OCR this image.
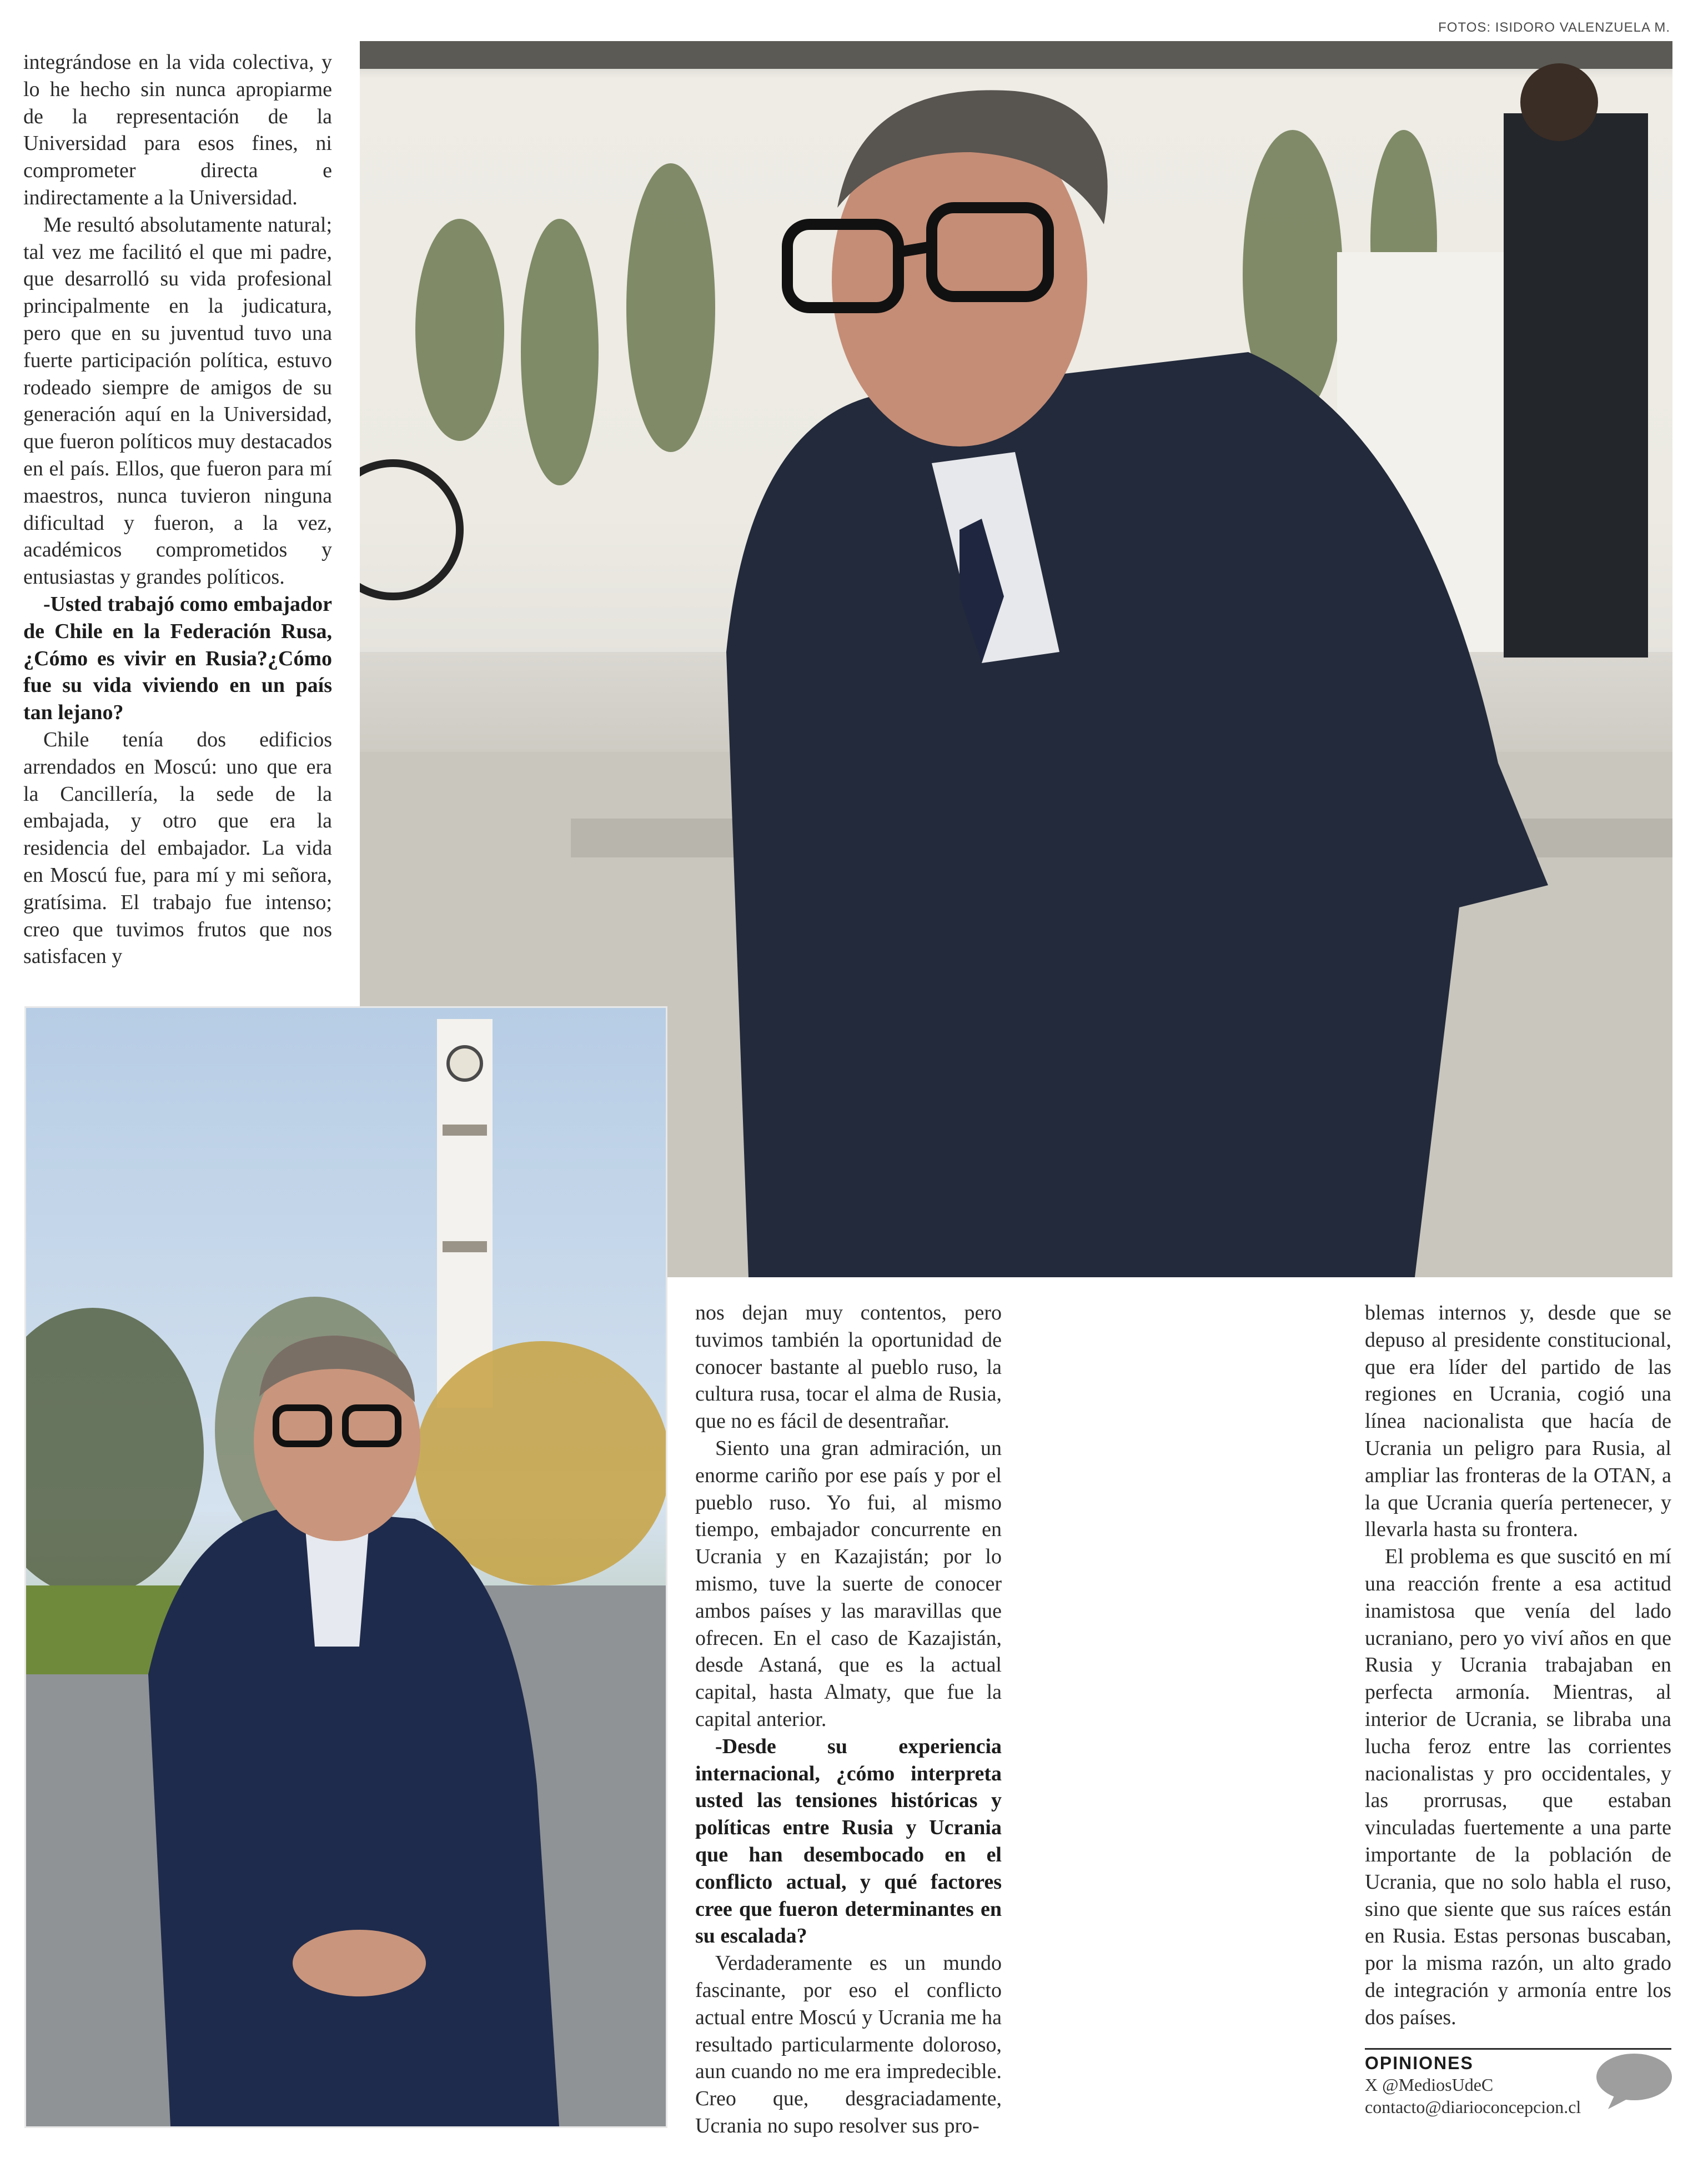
FOTOS: ISIDORO VALENZUELA M.

integrándose en la vida colectiva, y lo he hecho sin nunca apropiarme de la representación de la Universidad para esos fines, ni comprometer directa e indirectamente a la Universidad.

Me resultó absolutamente natural; tal vez me facilitó el que mi padre, que desarrolló su vida profesional principalmente en la judicatura, pero que en su juventud tuvo una fuerte participación política, estuvo rodeado siempre de amigos de su generación aquí en la Universidad, que fueron políticos muy destacados en el país. Ellos, que fueron para mí maestros, nunca tuvieron ninguna dificultad y fueron, a la vez, académicos comprometidos y entusiastas y grandes políticos.

-Usted trabajó como embajador de Chile en la Federación Rusa, ¿Cómo es vivir en Rusia?¿Cómo fue su vida viviendo en un país tan lejano?

Chile tenía dos edificios arrendados en Moscú: uno que era la Cancillería, la sede de la embajada, y otro que era la residencia del embajador. La vida en Moscú fue, para mí y mi señora, gratísima. El trabajo fue intenso; creo que tuvimos frutos que nos satisfacen y

nos dejan muy contentos, pero tuvimos también la oportunidad de conocer bastante al pueblo ruso, la cultura rusa, tocar el alma de Rusia, que no es fácil de desentrañar.

Siento una gran admiración, un enorme cariño por ese país y por el pueblo ruso. Yo fui, al mismo tiempo, embajador concurrente en Ucrania y en Kazajistán; por lo mismo, tuve la suerte de conocer ambos países y las maravillas que ofrecen. En el caso de Kazajistán, desde Astaná, que es la actual capital, hasta Almaty, que fue la capital anterior.

-Desde su experiencia internacional, ¿cómo interpreta usted las tensiones históricas y políticas entre Rusia y Ucrania que han desembocado en el conflicto actual, y qué factores cree que fueron determinantes en su escalada?

Verdaderamente es un mundo fascinante, por eso el conflicto actual entre Moscú y Ucrania me ha resultado particularmente doloroso, aun cuando no me era impredecible. Creo que, desgraciadamente, Ucrania no supo resolver sus pro-

blemas internos y, desde que se depuso al presidente constitucional, que era líder del partido de las regiones en Ucrania, cogió una línea nacionalista que hacía de Ucrania un peligro para Rusia, al ampliar las fronteras de la OTAN, a la que Ucrania quería pertenecer, y llevarla hasta su frontera.

El problema es que suscitó en mí una reacción frente a esa actitud inamistosa que venía del lado ucraniano, pero yo viví años en que Rusia y Ucrania trabajaban en perfecta armonía. Mientras, al interior de Ucrania, se libraba una lucha feroz entre las corrientes nacionalistas y pro occidentales, y las prorrusas, que estaban vinculadas fuertemente a una parte importante de la población de Ucrania, que no solo habla el ruso, sino que siente que sus raíces están en Rusia. Estas personas buscaban, por la misma razón, un alto grado de integración y armonía entre los dos países.

OPINIONES
X @MediosUdeC
contacto@diarioconcepcion.cl
